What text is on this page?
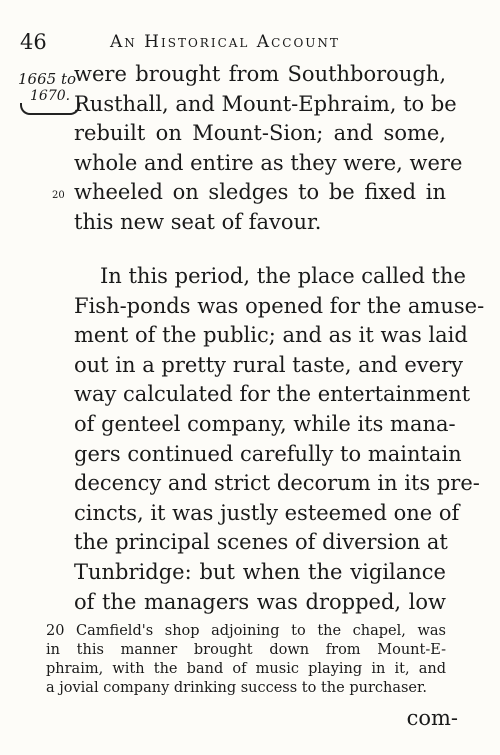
46	An Historical Account
1665 to
1670.
20
were brought from Southborough,
Rusthall, and Mount-Ephraim, to be
rebuilt on Mount-Sion; and some,
whole and entire as they were, were
wheeled on sledges to be fixed in
this new seat of favour.
In this period, the place called the
Fish-ponds was opened for the amuse-
ment of the public; and as it was laid
out in a pretty rural taste, and every
way calculated for the entertainment
of genteel company, while its mana-
gers continued carefully to maintain
decency and strict decorum in its pre-
cincts, it was justly esteemed one of
the principal scenes of diversion at
Tunbridge: but when the vigilance
of the managers was dropped, low
20 Camfield's shop adjoining to the chapel, was
in this manner brought down from Mount-E-
phraim, with the band of music playing in it, and
a jovial company drinking success to the purchaser.
com-
